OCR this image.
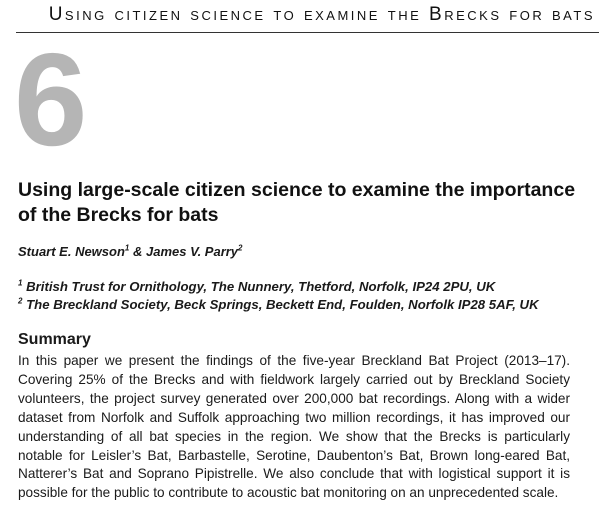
Using citizen science to examine the Brecks for bats
6
Using large-scale citizen science to examine the importance of the Brecks for bats
Stuart E. Newson$^1$ & James V. Parry$^2$
$^1$ British Trust for Ornithology, The Nunnery, Thetford, Norfolk, IP24 2PU, UK
$^2$ The Breckland Society, Beck Springs, Beckett End, Foulden, Norfolk IP28 5AF, UK
Summary

In this paper we present the findings of the five-year Breckland Bat Project (2013–17). Covering 25% of the Brecks and with fieldwork largely carried out by Breckland Society volunteers, the project survey generated over 200,000 bat recordings. Along with a wider dataset from Norfolk and Suffolk approaching two million recordings, it has improved our understanding of all bat species in the region. We show that the Brecks is particularly notable for Leisler’s Bat, Barbastelle, Serotine, Daubenton’s Bat, Brown long-eared Bat, Natterer’s Bat and Soprano Pipistrelle. We also conclude that with logistical support it is possible for the public to contribute to acoustic bat monitoring on an unprecedented scale.
